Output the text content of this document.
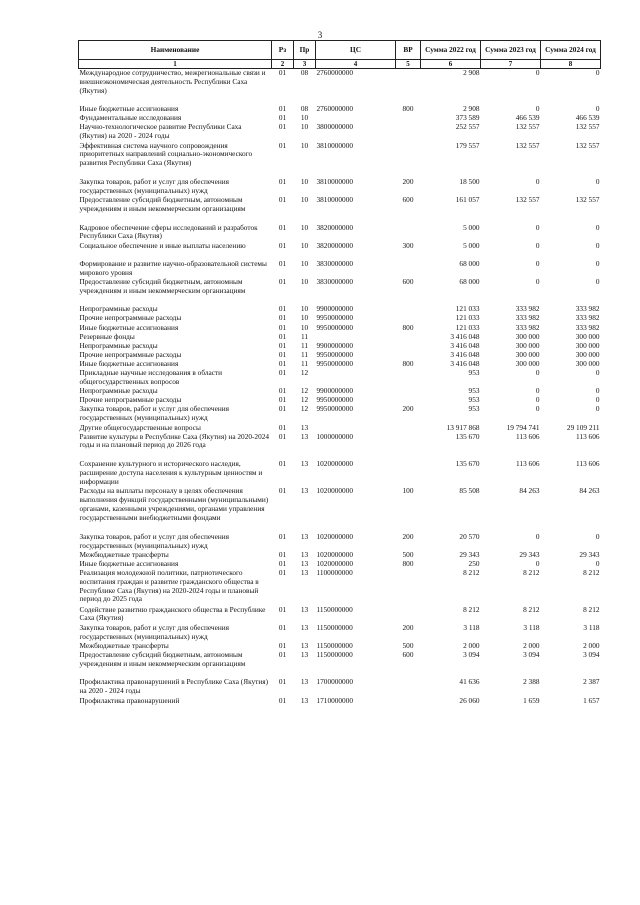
3
Наименование	Рз	Пр	ЦС	ВР	Сумма 2022 год	Сумма 2023 год	Сумма 2024 год
1	2	3	4	5	6	7	8
Международное сотрудничество, межрегиональные связи и внешнеэкономическая деятельность Республики Саха (Якутия)	01	08	2760000000		2 908	0	0

Иные бюджетные ассигнования	01	08	2760000000	800	2 908	0	0
Фундаментальные исследования	01	10			373 589	466 539	466 539
Научно-технологическое развитие Республики Саха (Якутия) на 2020 - 2024 годы	01	10	3800000000		252 557	132 557	132 557
Эффективная система научного сопровождения приоритетных направлений социально-экономического развития Республики Саха (Якутия)	01	10	3810000000		179 557	132 557	132 557
Закупка товаров, работ и услуг для обеспечения государственных (муниципальных) нужд	01	10	3810000000	200	18 500	0	0
Предоставление субсидий бюджетным, автономным учреждениям и иным некоммерческим организациям	01	10	3810000000	600	161 057	132 557	132 557
Кадровое обеспечение сферы исследований и разработок Республики Саха (Якутия)	01	10	3820000000		5 000	0	0
Социальное обеспечение и иные выплаты населению	01	10	3820000000	300	5 000	0	0
Формирование и развитие научно-образовательной системы мирового уровня	01	10	3830000000		68 000	0	0
Предоставление субсидий бюджетным, автономным учреждениям и иным некоммерческим организациям	01	10	3830000000	600	68 000	0	0
Непрограммные расходы	01	10	9900000000		121 033	333 982	333 982
Прочие непрограммные расходы	01	10	9950000000		121 033	333 982	333 982
Иные бюджетные ассигнования	01	10	9950000000	800	121 033	333 982	333 982
Резервные фонды	01	11			3 416 048	300 000	300 000
Непрограммные расходы	01	11	9900000000		3 416 048	300 000	300 000
Прочие непрограммные расходы	01	11	9950000000		3 416 048	300 000	300 000
Иные бюджетные ассигнования	01	11	9950000000	800	3 416 048	300 000	300 000
Прикладные научные исследования в области общегосударственных вопросов	01	12			953	0	0
Непрограммные расходы	01	12	9900000000		953	0	0
Прочие непрограммные расходы	01	12	9950000000		953	0	0
Закупка товаров, работ и услуг для обеспечения государственных (муниципальных) нужд	01	12	9950000000	200	953	0	0
Другие общегосударственные вопросы	01	13			13 917 868	19 794 741	29 109 211
Развитие культуры в Республике Саха (Якутия) на 2020-2024 годы и на плановый период до 2026 года	01	13	1000000000		135 670	113 606	113 606
Сохранение культурного и исторического наследия, расширение доступа населения к культурным ценностям и информации	01	13	1020000000		135 670	113 606	113 606
Расходы на выплаты персоналу в целях обеспечения выполнения функций государственными (муниципальными) органами, казенными учреждениями, органами управления государственными внебюджетными фондами	01	13	1020000000	100	85 508	84 263	84 263
Закупка товаров, работ и услуг для обеспечения государственных (муниципальных) нужд	01	13	1020000000	200	20 570	0	0
Межбюджетные трансферты	01	13	1020000000	500	29 343	29 343	29 343
Иные бюджетные ассигнования	01	13	1020000000	800	250	0	0
Реализация молодежной политики, патриотического воспитания граждан и развитие гражданского общества в Республике Саха (Якутия) на 2020-2024 годы и плановый период до 2025 года	01	13	1100000000		8 212	8 212	8 212
Содействие развитию гражданского общества в Республике Саха (Якутия)	01	13	1150000000		8 212	8 212	8 212
Закупка товаров, работ и услуг для обеспечения государственных (муниципальных) нужд	01	13	1150000000	200	3 118	3 118	3 118
Межбюджетные трансферты	01	13	1150000000	500	2 000	2 000	2 000
Предоставление субсидий бюджетным, автономным учреждениям и иным некоммерческим организациям	01	13	1150000000	600	3 094	3 094	3 094
Профилактика правонарушений в Республике Саха (Якутия) на 2020 - 2024 годы	01	13	1700000000		41 636	2 388	2 387
Профилактика правонарушений	01	13	1710000000		26 060	1 659	1 657
